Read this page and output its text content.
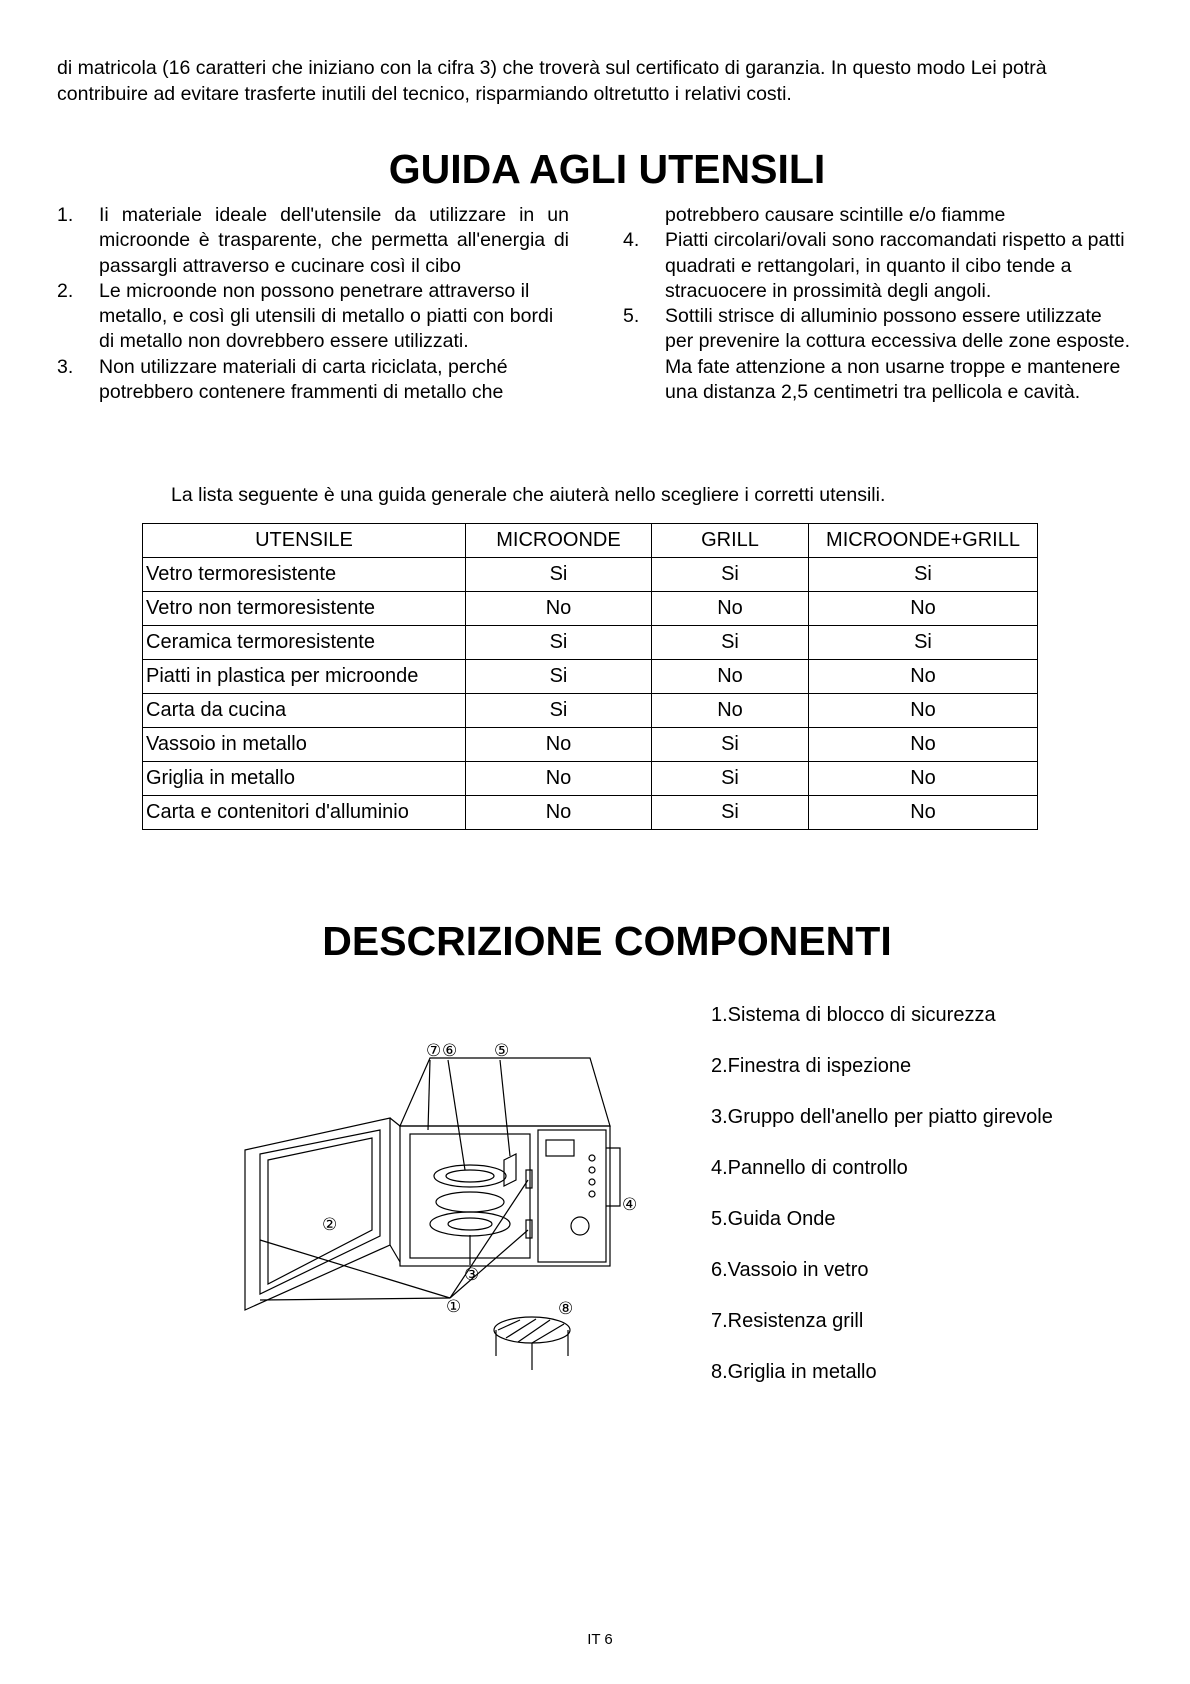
di matricola (16 caratteri che iniziano con la cifra 3) che troverà sul certificato di garanzia. In questo modo Lei potrà contribuire ad evitare trasferte inutili del tecnico, risparmiando oltretutto i relativi costi.
GUIDA AGLI UTENSILI
1.	Ii materiale ideale dell'utensile da utilizzare in un microonde è trasparente, che permetta all'energia di passargli attraverso e cucinare così il cibo
2.	Le microonde non possono penetrare attraverso il metallo, e così gli utensili di metallo o piatti con bordi di metallo non dovrebbero essere utilizzati.
3.	Non utilizzare materiali di carta riciclata, perché potrebbero contenere frammenti di metallo che
potrebbero causare scintille e/o fiamme
4.	Piatti circolari/ovali sono raccomandati rispetto a patti quadrati e rettangolari, in quanto il cibo tende a stracuocere in prossimità degli angoli.
5.	Sottili strisce di alluminio possono essere utilizzate per prevenire la cottura eccessiva delle zone esposte. Ma fate attenzione a non usarne troppe e mantenere una distanza 2,5 centimetri tra pellicola e cavità.
La lista seguente è una guida generale che aiuterà nello scegliere i corretti utensili.
UTENSILE	MICROONDE	GRILL	MICROONDE+GRILL
Vetro termoresistente	Si	Si	Si
Vetro non termoresistente	No	No	No
Ceramica termoresistente	Si	Si	Si
Piatti in plastica per microonde	Si	No	No
Carta da cucina	Si	No	No
Vassoio in metallo	No	Si	No
Griglia in metallo	No	Si	No
Carta e contenitori d'alluminio	No	Si	No
DESCRIZIONE COMPONENTI
⑦ ⑥ ⑤
②
③
④
①	⑧
1.Sistema di blocco di sicurezza
2.Finestra di ispezione
3.Gruppo dell'anello per piatto girevole
4.Pannello di controllo
5.Guida Onde
6.Vassoio in vetro
7.Resistenza grill
8.Griglia in metallo
IT 6
